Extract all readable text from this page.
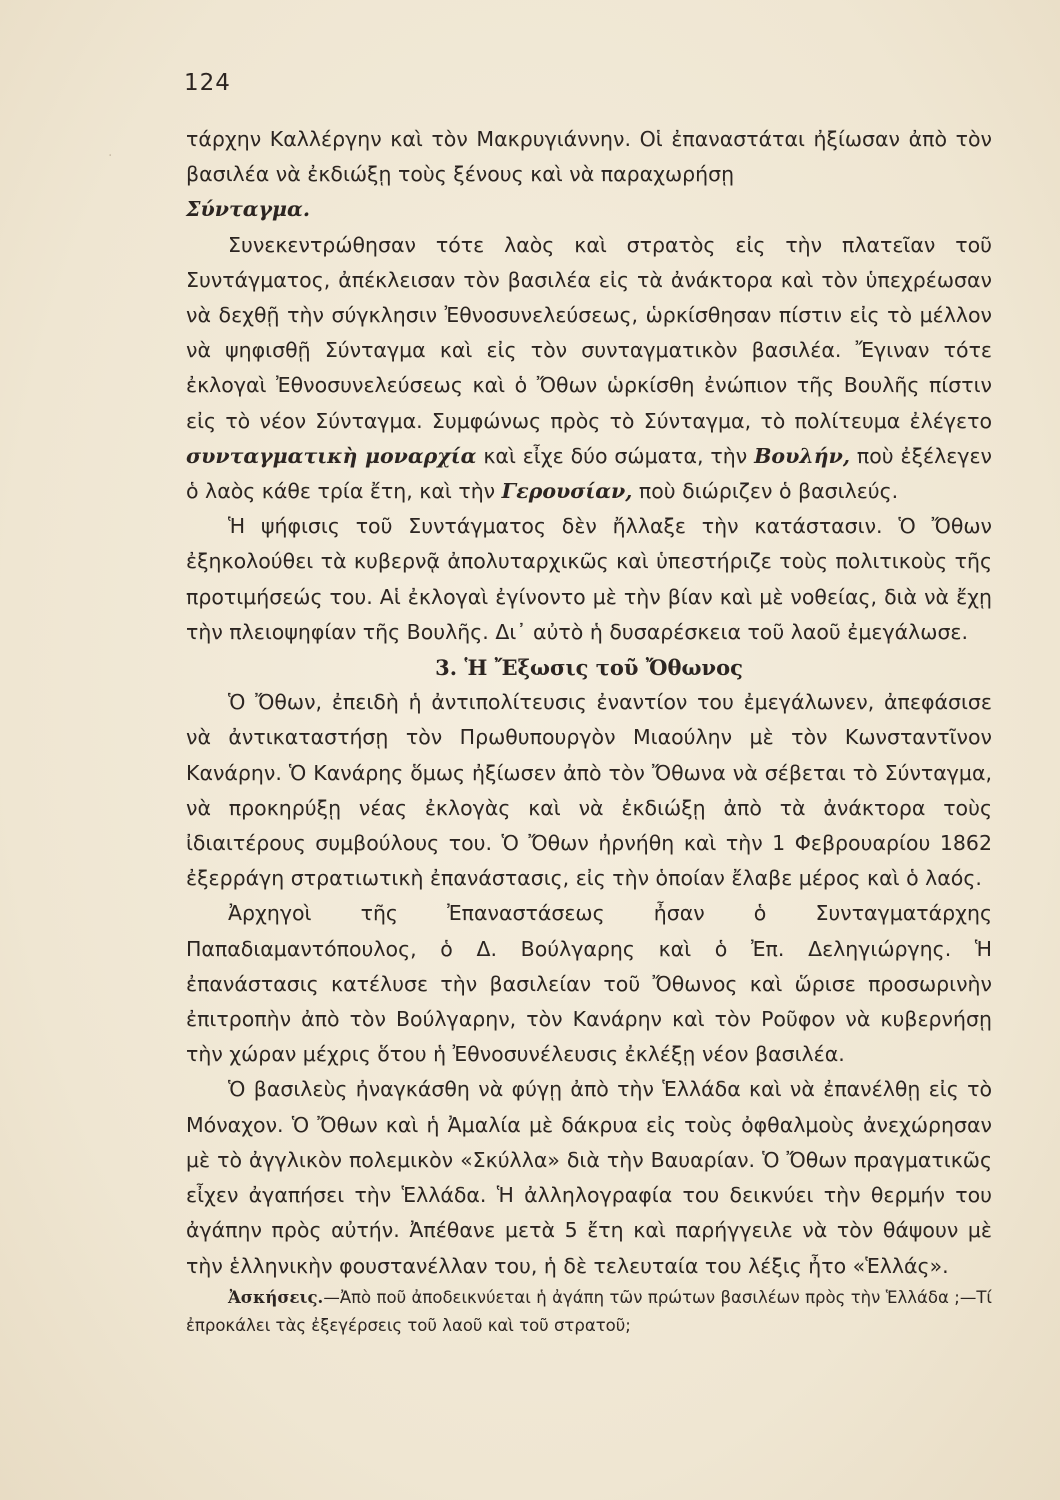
·
124

τάρχην Καλλέργην καὶ τὸν Μακρυγιάννην. Οἱ ἐπαναστάται ἠξίωσαν ἀπὸ τὸν βασιλέα νὰ ἐκδιώξῃ τοὺς ξένους καὶ νὰ παραχωρήσῃ
Σύνταγμα.

Συνεκεντρώθησαν τότε λαὸς καὶ στρατὸς εἰς τὴν πλατεῖαν τοῦ Συντάγματος, ἀπέκλεισαν τὸν βασιλέα εἰς τὰ ἀνάκτορα καὶ τὸν ὑπεχρέωσαν νὰ δεχθῇ τὴν σύγκλησιν Ἐθνοσυνελεύσεως, ὡρκίσθησαν πίστιν εἰς τὸ μέλλον νὰ ψηφισθῇ Σύνταγμα καὶ εἰς τὸν συνταγματικὸν βασιλέα. Ἔγιναν τότε ἐκλογαὶ Ἐθνοσυνελεύσεως καὶ ὁ Ὄθων ὡρκίσθη ἐνώπιον τῆς Βουλῆς πίστιν εἰς τὸ νέον Σύνταγμα. Συμφώνως πρὸς τὸ Σύνταγμα, τὸ πολίτευμα ἐλέγετο συνταγματικὴ μοναρχία καὶ εἶχε δύο σώματα, τὴν Βουλήν, ποὺ ἐξέλεγεν ὁ λαὸς κάθε τρία ἔτη, καὶ τὴν Γερουσίαν, ποὺ διώριζεν ὁ βασιλεύς.

Ἡ ψήφισις τοῦ Συντάγματος δὲν ἤλλαξε τὴν κατάστασιν. Ὁ Ὄθων ἐξηκολούθει τὰ κυβερνᾷ ἀπολυταρχικῶς καὶ ὑπεστήριζε τοὺς πολιτικοὺς τῆς προτιμήσεώς του. Αἱ ἐκλογαὶ ἐγίνοντο μὲ τὴν βίαν καὶ μὲ νοθείας, διὰ νὰ ἔχῃ τὴν πλειοψηφίαν τῆς Βουλῆς. Δι᾿ αὐτὸ ἡ δυσαρέσκεια τοῦ λαοῦ ἐμεγάλωσε.

3. Ἡ Ἔξωσις τοῦ Ὄθωνος

Ὁ Ὄθων, ἐπειδὴ ἡ ἀντιπολίτευσις ἐναντίον του ἐμεγάλωνεν, ἀπεφάσισε νὰ ἀντικαταστήσῃ τὸν Πρωθυπουργὸν Μιαούλην μὲ τὸν Κωνσταντῖνον Κανάρην. Ὁ Κανάρης ὅμως ἠξίωσεν ἀπὸ τὸν Ὄθωνα νὰ σέβεται τὸ Σύνταγμα, νὰ προκηρύξῃ νέας ἐκλογὰς καὶ νὰ ἐκδιώξῃ ἀπὸ τὰ ἀνάκτορα τοὺς ἰδιαιτέρους συμβούλους του. Ὁ Ὄθων ἠρνήθη καὶ τὴν 1 Φεβρουαρίου 1862 ἐξερράγη στρατιωτικὴ ἐπανάστασις, εἰς τὴν ὁποίαν ἔλαβε μέρος καὶ ὁ λαός.

Ἀρχηγοὶ τῆς Ἐπαναστάσεως ἦσαν ὁ Συνταγματάρχης Παπαδιαμαντόπουλος, ὁ Δ. Βούλγαρης καὶ ὁ Ἐπ. Δεληγιώργης. Ἡ ἐπανάστασις κατέλυσε τὴν βασιλείαν τοῦ Ὄθωνος καὶ ὥρισε προσωρινὴν ἐπιτροπὴν ἀπὸ τὸν Βούλγαρην, τὸν Κανάρην καὶ τὸν Ροῦφον νὰ κυβερνήσῃ τὴν χώραν μέχρις ὅτου ἡ Ἐθνοσυνέλευσις ἐκλέξῃ νέον βασιλέα.

Ὁ βασιλεὺς ἠναγκάσθη νὰ φύγῃ ἀπὸ τὴν Ἑλλάδα καὶ νὰ ἐπανέλθῃ εἰς τὸ Μόναχον. Ὁ Ὄθων καὶ ἡ Ἀμαλία μὲ δάκρυα εἰς τοὺς ὀφθαλμοὺς ἀνεχώρησαν μὲ τὸ ἀγγλικὸν πολεμικὸν «Σκύλλα» διὰ τὴν Βαυαρίαν. Ὁ Ὄθων πραγματικῶς εἶχεν ἀγαπήσει τὴν Ἑλλάδα. Ἡ ἀλληλογραφία του δεικνύει τὴν θερμήν του ἀγάπην πρὸς αὐτήν. Ἀπέθανε μετὰ 5 ἔτη καὶ παρήγγειλε νὰ τὸν θάψουν μὲ τὴν ἑλληνικὴν φουστανέλλαν του, ἡ δὲ τελευταία του λέξις ἦτο «Ἑλλάς».

Ἀσκήσεις.—Ἀπὸ ποῦ ἀποδεικνύεται ἡ ἀγάπη τῶν πρώτων βασιλέων πρὸς τὴν Ἑλλάδα ;—Τί ἐπροκάλει τὰς ἐξεγέρσεις τοῦ λαοῦ καὶ τοῦ στρατοῦ;
